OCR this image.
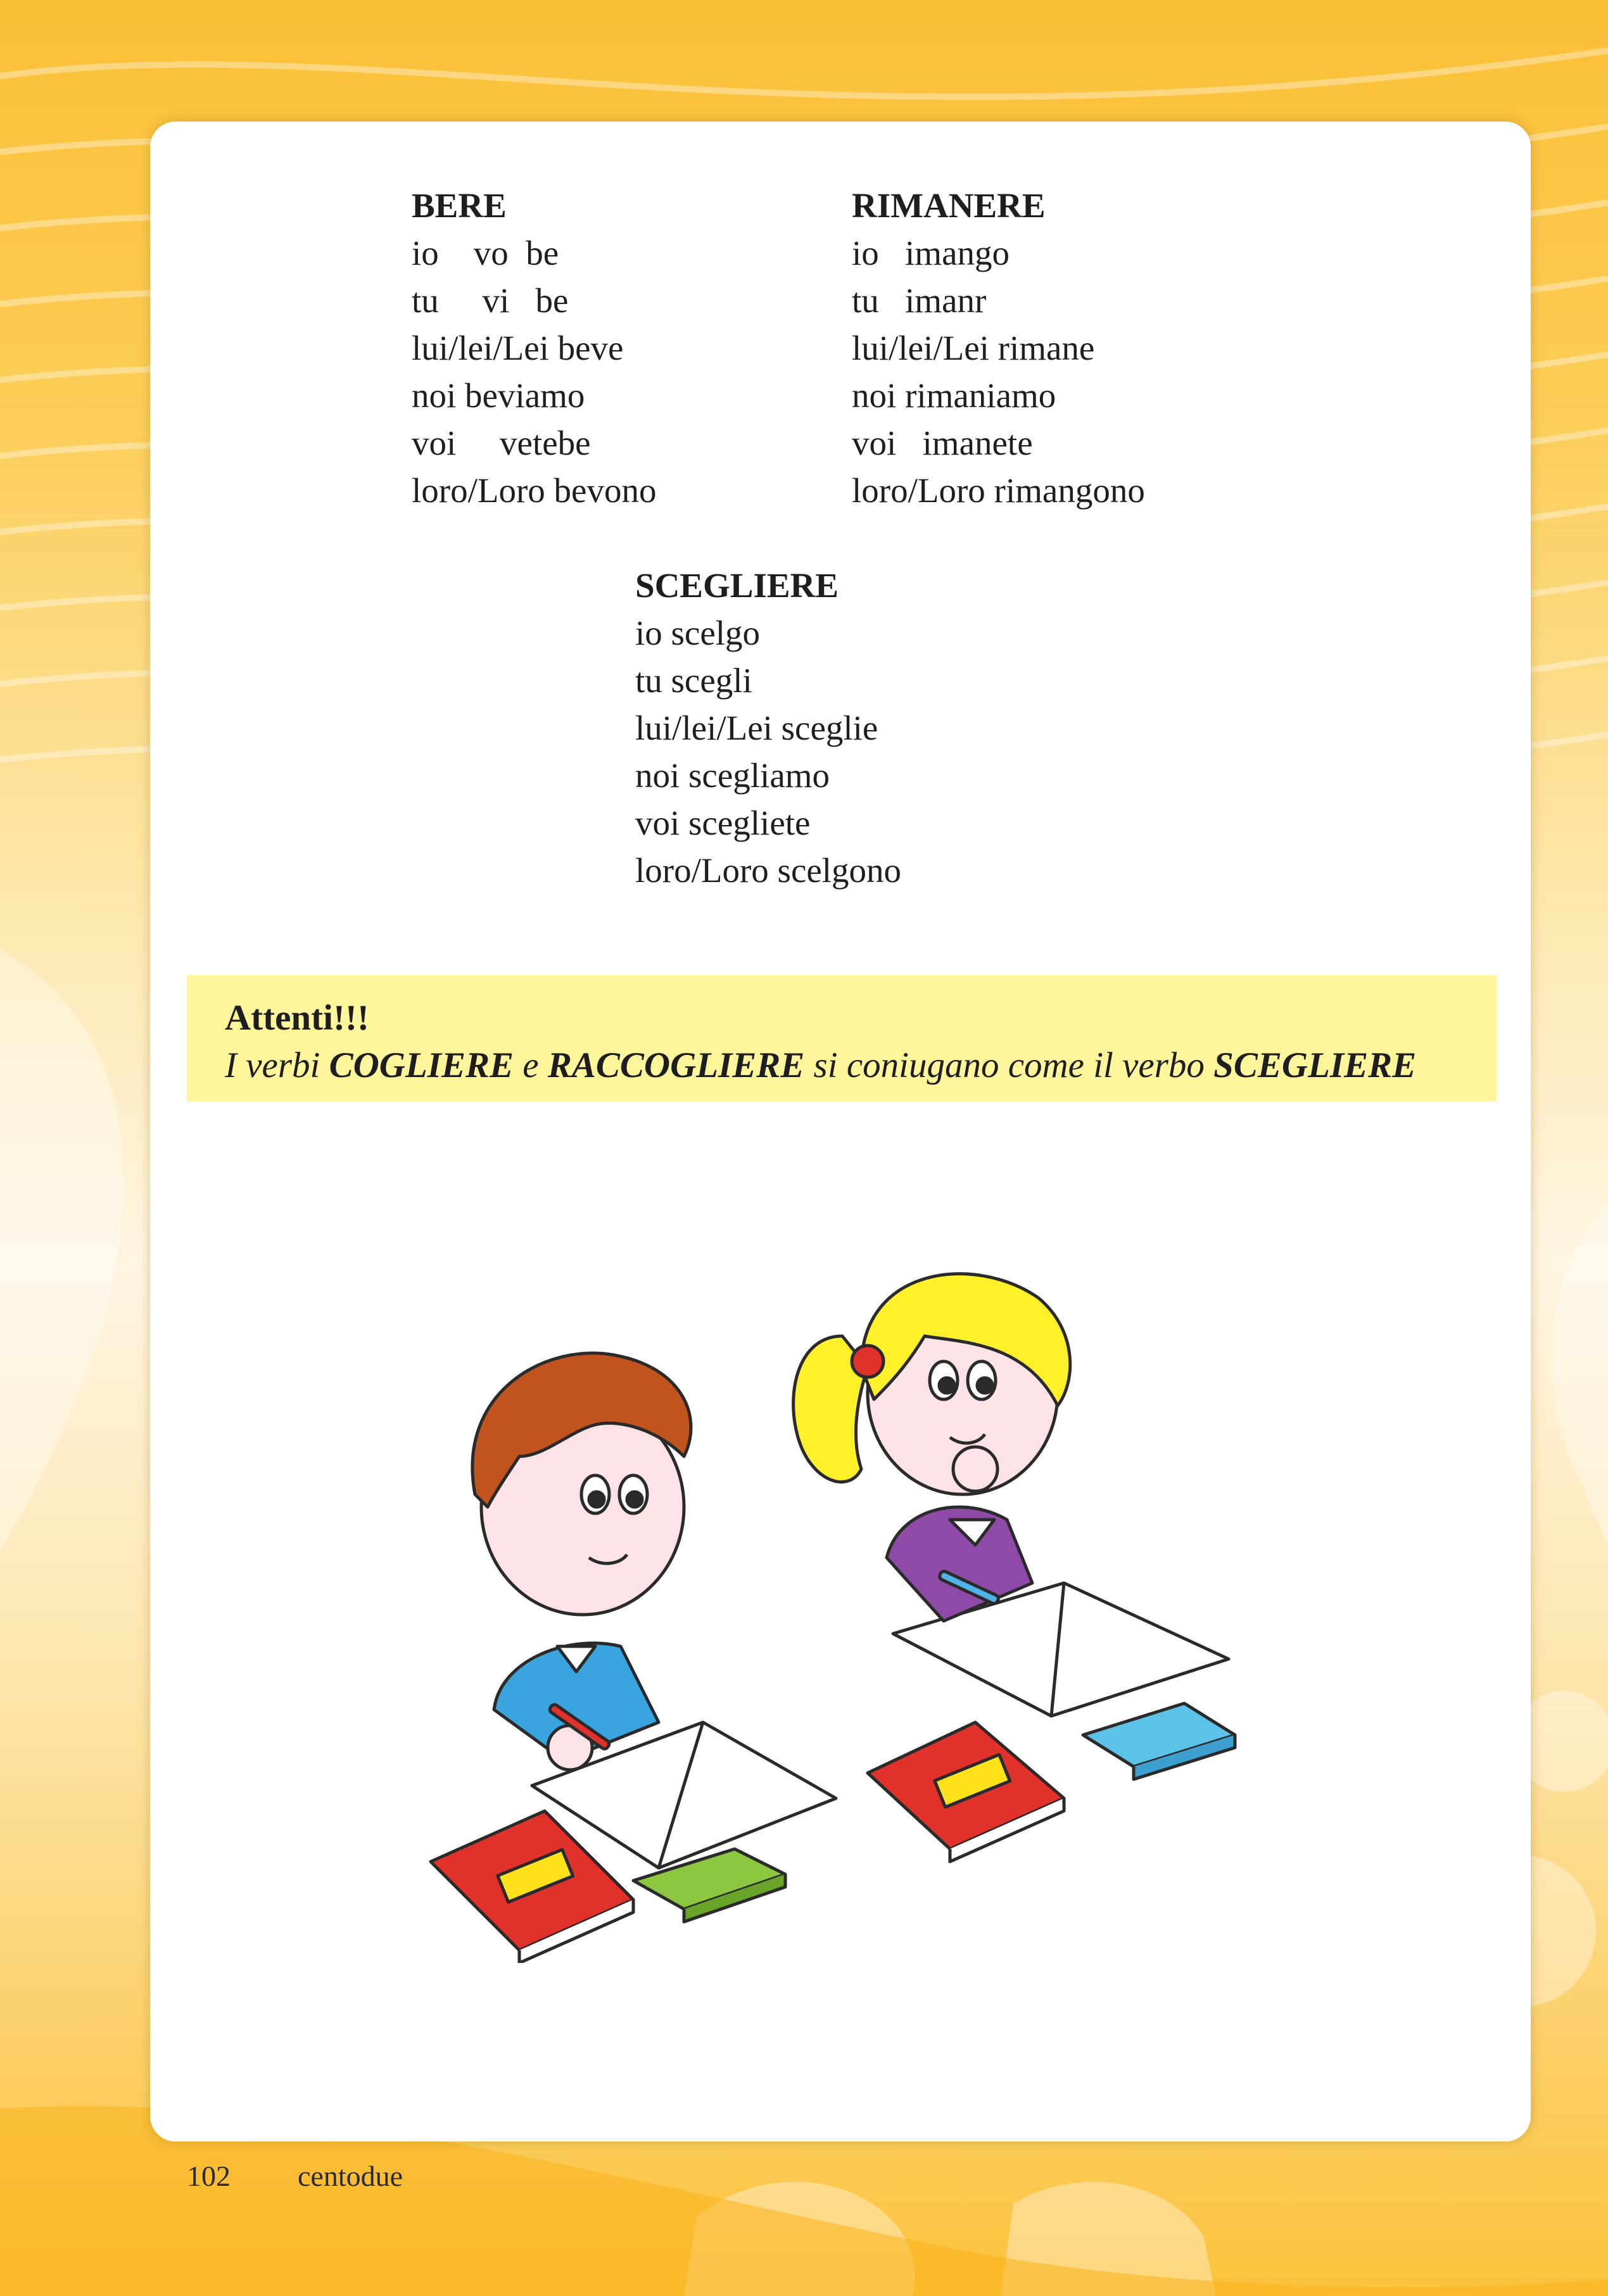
BERE
io    vo  be
tu     vi   be
lui/lei/Lei beve
noi beviamo
voi     vetebe
loro/Loro bevono
RIMANERE
io   imango
tu   imanr
lui/lei/Lei rimane
noi rimaniamo
voi   imanete
loro/Loro rimangono
SCEGLIERE
io scelgo
tu scegli
lui/lei/Lei sceglie
noi scegliamo
voi scegliete
loro/Loro scelgono
Attenti!!!
I verbi COGLIERE e RACCOGLIERE si coniugano come il verbo SCEGLIERE
102 centodue
